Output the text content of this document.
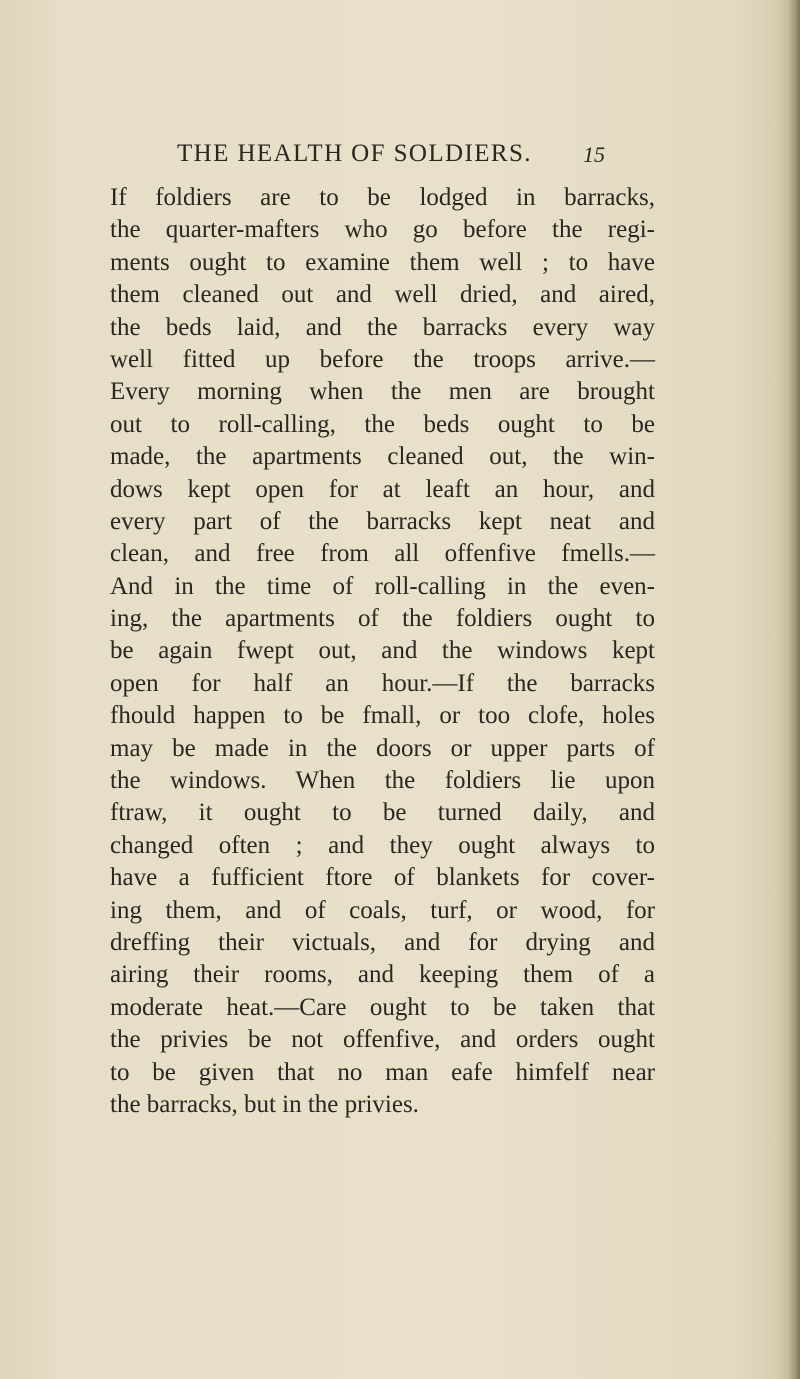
THE HEALTH OF SOLDIERS. 15
If foldiers are to be lodged in barracks,
the quarter-mafters who go before the regi-
ments ought to examine them well ; to have
them cleaned out and well dried, and aired,
the beds laid, and the barracks every way
well fitted up before the troops arrive.—
Every morning when the men are brought
out to roll-calling, the beds ought to be
made, the apartments cleaned out, the win-
dows kept open for at leaft an hour, and
every part of the barracks kept neat and
clean, and free from all offenfive fmells.—
And in the time of roll-calling in the even-
ing, the apartments of the foldiers ought to
be again fwept out, and the windows kept
open for half an hour.—If the barracks
fhould happen to be fmall, or too clofe, holes
may be made in the doors or upper parts of
the windows. When the foldiers lie upon
ftraw, it ought to be turned daily, and
changed often ; and they ought always to
have a fufficient ftore of blankets for cover-
ing them, and of coals, turf, or wood, for
dreffing their victuals, and for drying and
airing their rooms, and keeping them of a
moderate heat.—Care ought to be taken that
the privies be not offenfive, and orders ought
to be given that no man eafe himfelf near
the barracks, but in the privies.
